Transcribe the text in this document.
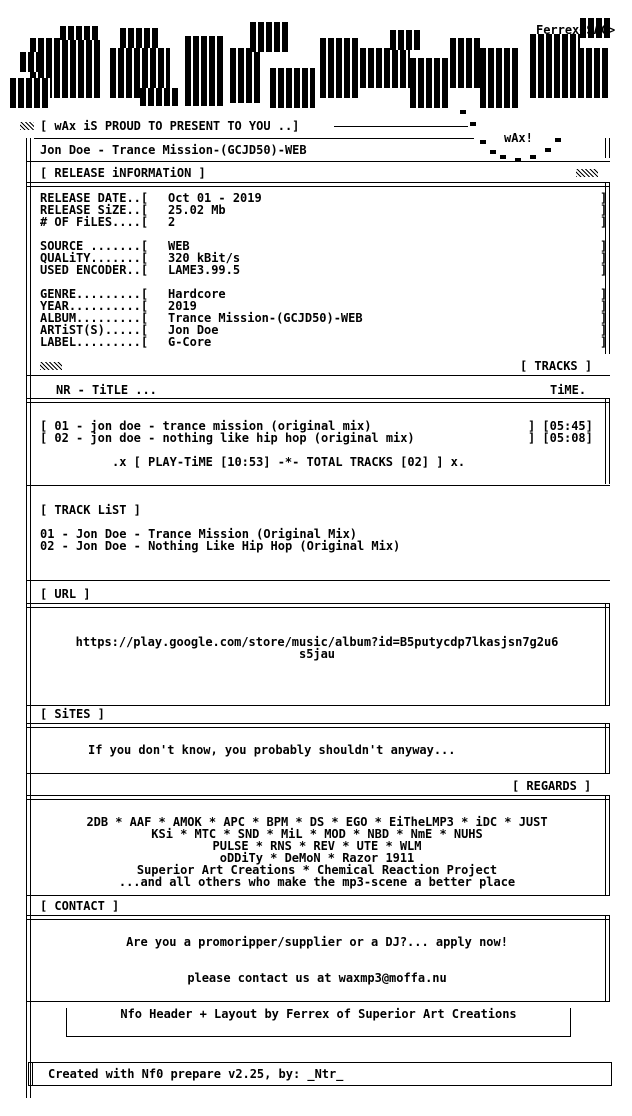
Ferrex<SAC>
[ wAx iS PROUD TO PRESENT TO YOU ..]
wAx!
Jon Doe - Trance Mission-(GCJD50)-WEB
[ RELEASE iNFORMATiON ]
RELEASE DATE..[ Oct 01 - 2019	]
RELEASE SiZE..[ 25.02 Mb	]
# OF FiLES....[ 2	]
SOURCE .......[ WEB	]
QUALiTY.......[ 320 kBit/s	]
USED ENCODER..[ LAME3.99.5	]
GENRE.........[ Hardcore	]
YEAR..........[ 2019	]
ALBUM.........[ Trance Mission-(GCJD50)-WEB	]
ARTiST(S).....[ Jon Doe	]
LABEL.........[ G-Core	]
[ TRACKS ]
NR - TiTLE ...	TiME.
[ 01 - jon doe - trance mission (original mix)	] [05:45]
[ 02 - jon doe - nothing like hip hop (original mix)	] [05:08]
.x [ PLAY-TiME [10:53] -*- TOTAL TRACKS [02] ] x.
[ TRACK LiST ]
01 - Jon Doe - Trance Mission (Original Mix)
02 - Jon Doe - Nothing Like Hip Hop (Original Mix)
[ URL ]
https://play.google.com/store/music/album?id=B5putycdp7lkasjsn7g2u6
s5jau
[ SiTES ]
If you don't know, you probably shouldn't anyway...
[ REGARDS ]
2DB * AAF * AMOK * APC * BPM * DS * EGO * EiTheLMP3 * iDC * JUST
KSi * MTC * SND * MiL * MOD * NBD * NmE * NUHS
PULSE * RNS * REV * UTE * WLM
oDDiTy * DeMoN * Razor 1911
Superior Art Creations * Chemical Reaction Project
...and all others who make the mp3-scene a better place
[ CONTACT ]
Are you a promoripper/supplier or a DJ?... apply now!
please contact us at waxmp3@moffa.nu
Nfo Header + Layout by Ferrex of Superior Art Creations
Created with Nf0 prepare v2.25, by: _Ntr_
